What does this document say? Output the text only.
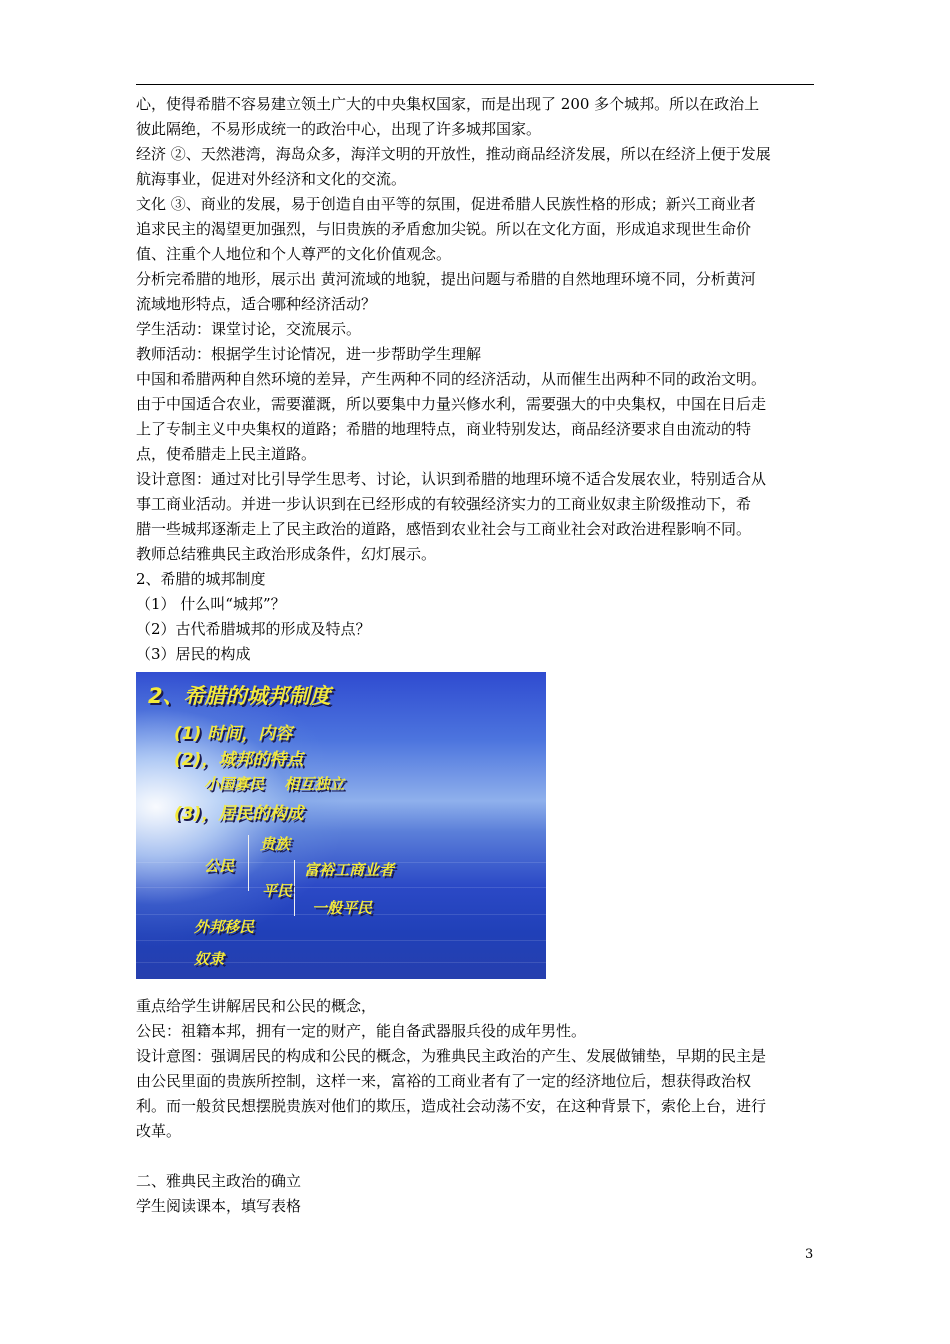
心，使得希腊不容易建立领土广大的中央集权国家，而是出现了 200 多个城邦。所以在政治上

彼此隔绝，不易形成统一的政治中心，出现了许多城邦国家。

经济 ②、天然港湾，海岛众多，海洋文明的开放性，推动商品经济发展，所以在经济上便于发展

航海事业，促进对外经济和文化的交流。

文化 ③、商业的发展，易于创造自由平等的氛围，促进希腊人民族性格的形成；新兴工商业者

追求民主的渴望更加强烈，与旧贵族的矛盾愈加尖锐。所以在文化方面，形成追求现世生命价

值、注重个人地位和个人尊严的文化价值观念。

分析完希腊的地形，展示出 黄河流域的地貌，提出问题与希腊的自然地理环境不同，分析黄河

流域地形特点，适合哪种经济活动？

学生活动：课堂讨论，交流展示。

教师活动：根据学生讨论情况，进一步帮助学生理解

中国和希腊两种自然环境的差异，产生两种不同的经济活动，从而催生出两种不同的政治文明。

由于中国适合农业，需要灌溉，所以要集中力量兴修水利，需要强大的中央集权，中国在日后走

上了专制主义中央集权的道路；希腊的地理特点，商业特别发达，商品经济要求自由流动的特

点，使希腊走上民主道路。

设计意图：通过对比引导学生思考、讨论，认识到希腊的地理环境不适合发展农业，特别适合从

事工商业活动。并进一步认识到在已经形成的有较强经济实力的工商业奴隶主阶级推动下，希

腊一些城邦逐渐走上了民主政治的道路，感悟到农业社会与工商业社会对政治进程影响不同。

教师总结雅典民主政治形成条件，幻灯展示。

2、希腊的城邦制度

（1） 什么叫“城邦”？

（2）古代希腊城邦的形成及特点？

（3）居民的构成

2、希腊的城邦制度
(1) 时间，内容
(2)，城邦的特点
小国寡民　 相互独立
(3)，居民的构成
贵族
公民	富裕工商业者
平民
一般平民
外邦移民
奴隶

重点给学生讲解居民和公民的概念，

公民：祖籍本邦，拥有一定的财产，能自备武器服兵役的成年男性。

设计意图：强调居民的构成和公民的概念，为雅典民主政治的产生、发展做铺垫，早期的民主是

由公民里面的贵族所控制，这样一来，富裕的工商业者有了一定的经济地位后，想获得政治权

利。而一般贫民想摆脱贵族对他们的欺压，造成社会动荡不安，在这种背景下，索伦上台，进行

改革。

二、雅典民主政治的确立

学生阅读课本，填写表格

3
